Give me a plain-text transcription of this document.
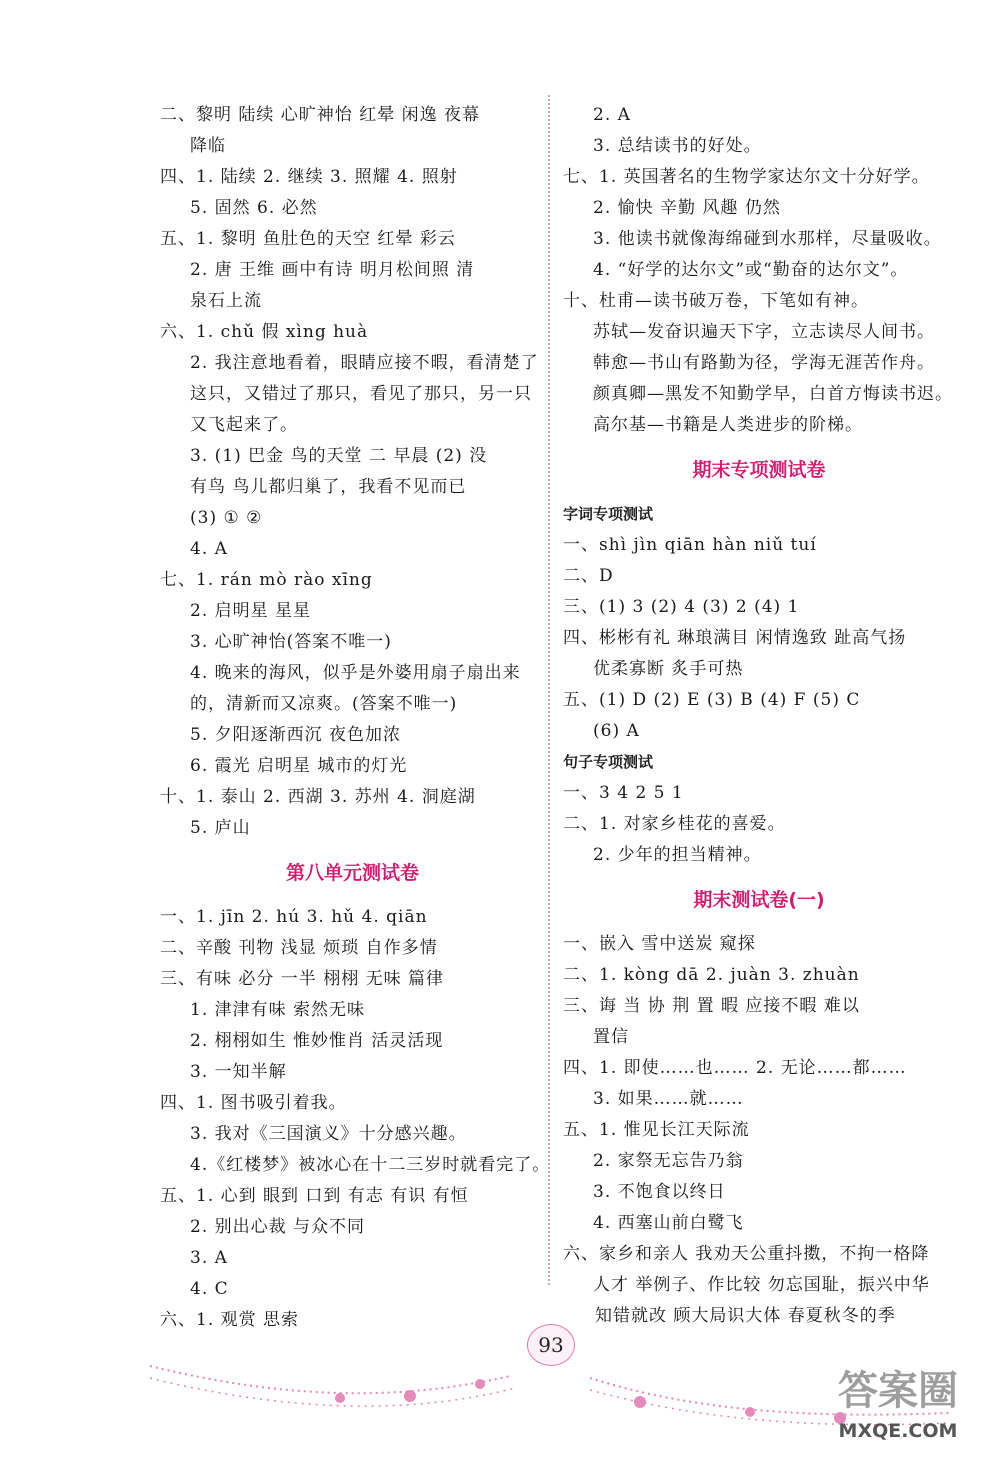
二、黎明 陆续 心旷神怡 红晕 闲逸 夜幕
降临
四、1. 陆续 2. 继续 3. 照耀 4. 照射
5. 固然 6. 必然
五、1. 黎明 鱼肚色的天空 红晕 彩云
2. 唐 王维 画中有诗 明月松间照 清
泉石上流
六、1. chǔ 假 xìng huà
2. 我注意地看着，眼睛应接不暇，看清楚了
这只，又错过了那只，看见了那只，另一只
又飞起来了。
3. (1) 巴金 鸟的天堂 二 早晨 (2) 没
有鸟 鸟儿都归巢了，我看不见而已
(3) ① ②
4. A
七、1. rán mò rào xīng
2. 启明星 星星
3. 心旷神怡(答案不唯一)
4. 晚来的海风，似乎是外婆用扇子扇出来
的，清新而又凉爽。(答案不唯一)
5. 夕阳逐渐西沉 夜色加浓
6. 霞光 启明星 城市的灯光
十、1. 泰山 2. 西湖 3. 苏州 4. 洞庭湖
5. 庐山
第八单元测试卷
一、1. jīn 2. hú 3. hǔ 4. qiān
二、辛酸 刊物 浅显 烦琐 自作多情
三、有味 必分 一半 栩栩 无味 篇律
1. 津津有味 索然无味
2. 栩栩如生 惟妙惟肖 活灵活现
3. 一知半解
四、1. 图书吸引着我。
3. 我对《三国演义》十分感兴趣。
4.《红楼梦》被冰心在十二三岁时就看完了。
五、1. 心到 眼到 口到 有志 有识 有恒
2. 别出心裁 与众不同
3. A
4. C
六、1. 观赏 思索
2. A
3. 总结读书的好处。
七、1. 英国著名的生物学家达尔文十分好学。
2. 愉快 辛勤 风趣 仍然
3. 他读书就像海绵碰到水那样，尽量吸收。
4. “好学的达尔文”或“勤奋的达尔文”。
十、杜甫—读书破万卷，下笔如有神。
苏轼—发奋识遍天下字，立志读尽人间书。
韩愈—书山有路勤为径，学海无涯苦作舟。
颜真卿—黑发不知勤学早，白首方悔读书迟。
高尔基—书籍是人类进步的阶梯。
期末专项测试卷
字词专项测试
一、shì jìn qiān hàn niǔ tuí
二、D
三、(1) 3 (2) 4 (3) 2 (4) 1
四、彬彬有礼 琳琅满目 闲情逸致 趾高气扬
优柔寡断 炙手可热
五、(1) D (2) E (3) B (4) F (5) C
(6) A
句子专项测试
一、3 4 2 5 1
二、1. 对家乡桂花的喜爱。
2. 少年的担当精神。
期末测试卷(一)
一、嵌入 雪中送炭 窥探
二、1. kòng dā 2. juàn 3. zhuàn
三、诲 当 协 荆 置 暇 应接不暇 难以
置信
四、1. 即使……也…… 2. 无论……都……
3. 如果……就……
五、1. 惟见长江天际流
2. 家祭无忘告乃翁
3. 不饱食以终日
4. 西塞山前白鹭飞
六、家乡和亲人 我劝天公重抖擞，不拘一格降
人才 举例子、作比较 勿忘国耻，振兴中华
知错就改 顾大局识大体 春夏秋冬的季
93
答案圈
MXQE.COM
